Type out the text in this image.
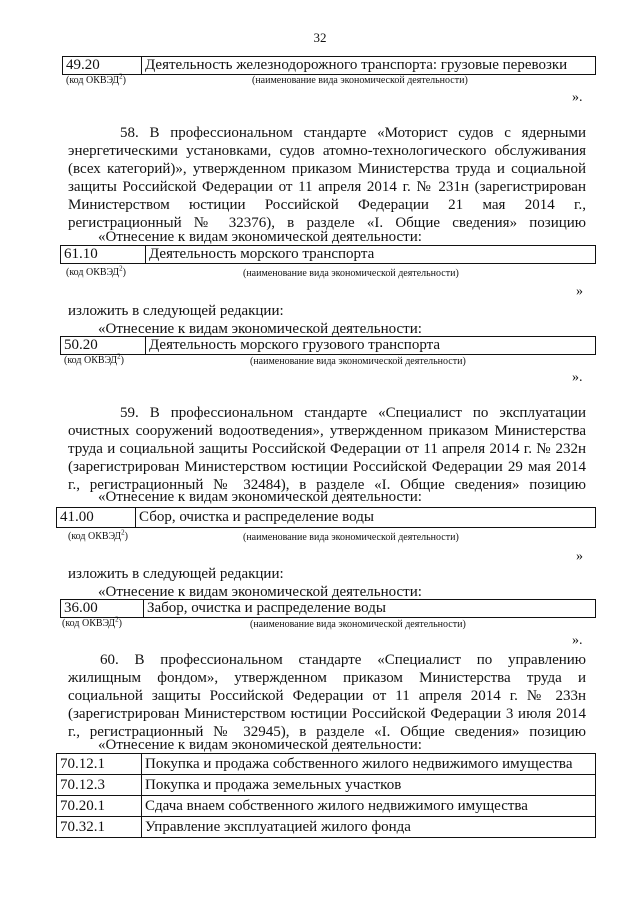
32
49.20	Деятельность железнодорожного транспорта: грузовые перевозки
(код ОКВЭД$^2$)	(наименование вида экономической деятельности)
».

58. В профессиональном стандарте «Моторист судов с ядерными энергетическими установками, судов атомно-технологического обслуживания (всех категорий)», утвержденном приказом Министерства труда и социальной защиты Российской Федерации от 11 апреля 2014 г. № 231н (зарегистрирован Министерством юстиции Российской Федерации 21 мая 2014 г., регистрационный № 32376), в разделе «I. Общие сведения» позицию

«Отнесение к видам экономической деятельности:
61.10	Деятельность морского транспорта
(код ОКВЭД$^2$)	(наименование вида экономической деятельности)
»
изложить в следующей редакции:
«Отнесение к видам экономической деятельности:
50.20	Деятельность морского грузового транспорта
(код ОКВЭД$^2$)	(наименование вида экономической деятельности)
».

59. В профессиональном стандарте «Специалист по эксплуатации очистных сооружений водоотведения», утвержденном приказом Министерства труда и социальной защиты Российской Федерации от 11 апреля 2014 г. № 232н (зарегистрирован Министерством юстиции Российской Федерации 29 мая 2014 г., регистрационный № 32484), в разделе «I. Общие сведения» позицию

«Отнесение к видам экономической деятельности:
41.00	Сбор, очистка и распределение воды
(код ОКВЭД$^2$)	(наименование вида экономической деятельности)
»
изложить в следующей редакции:
«Отнесение к видам экономической деятельности:
36.00	Забор, очистка и распределение воды
(код ОКВЭД$^2$)	(наименование вида экономической деятельности)
».

60. В профессиональном стандарте «Специалист по управлению жилищным фондом», утвержденном приказом Министерства труда и социальной защиты Российской Федерации от 11 апреля 2014 г. № 233н (зарегистрирован Министерством юстиции Российской Федерации 3 июля 2014 г., регистрационный № 32945), в разделе «I. Общие сведения» позицию

«Отнесение к видам экономической деятельности:
70.12.1	Покупка и продажа собственного жилого недвижимого имущества
70.12.3	Покупка и продажа земельных участков
70.20.1	Сдача внаем собственного жилого недвижимого имущества
70.32.1	Управление эксплуатацией жилого фонда
